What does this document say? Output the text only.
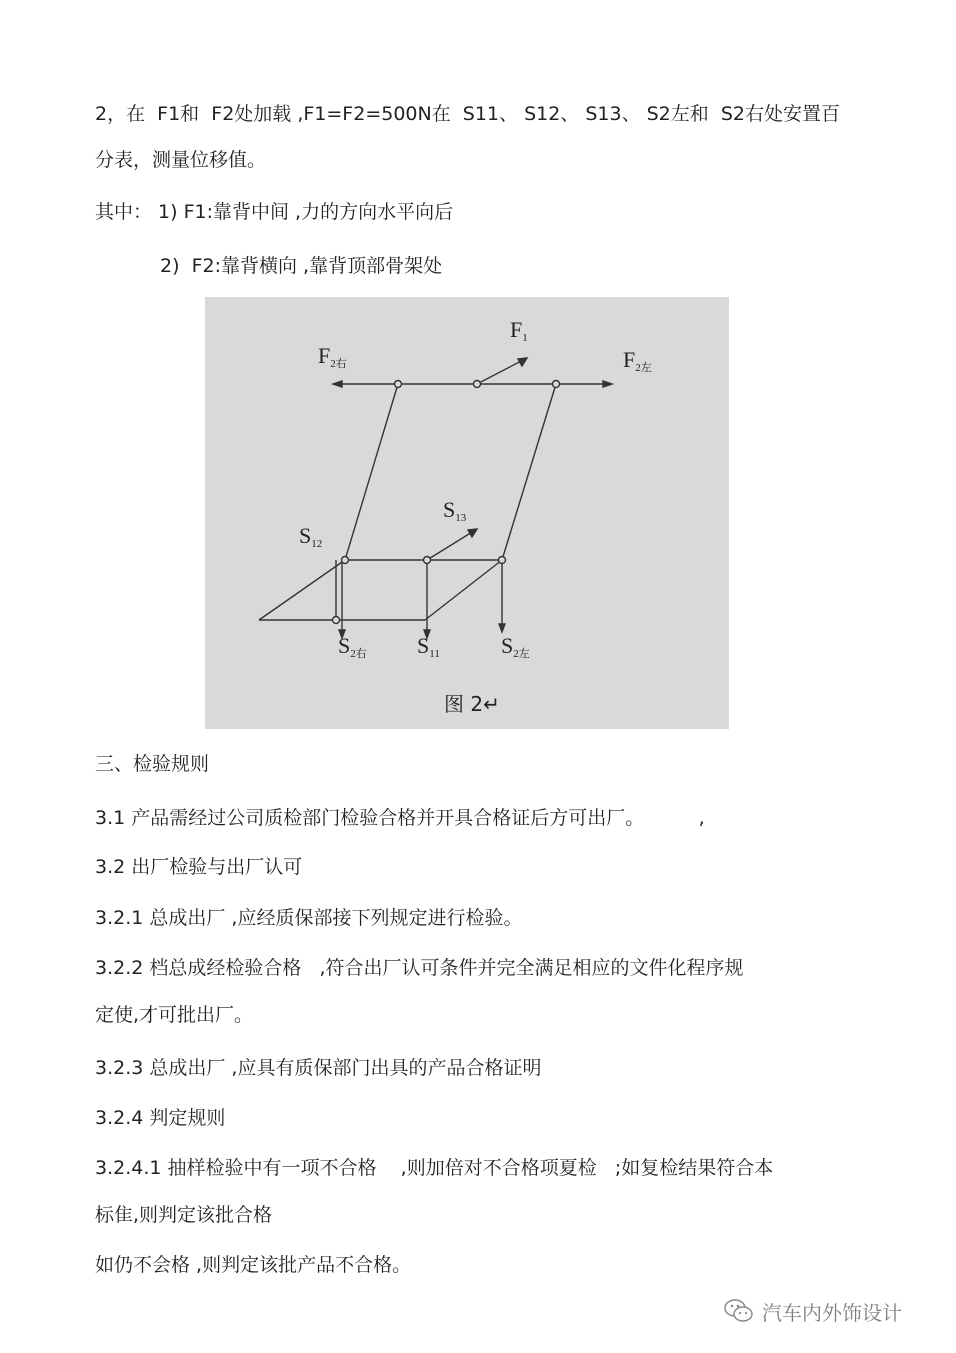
2，在  F1和  F2处加载 ,F1=F2=500N在  S11、 S12、 S13、 S2左和  S2右处安置百
分表，测量位移值。
其中： 1) F1:靠背中间 ,力的方向水平向后
2)  F2:靠背横向 ,靠背顶部骨架处
F2右
F1
F2左
S13
S12
S2右 S11	S2左
图 2↵
三、检验规则
3.1 产品需经过公司质检部门检验合格并开具合格证后方可出厂。         ,
3.2 出厂检验与出厂认可
3.2.1 总成出厂 ,应经质保部接下列规定进行检验。
3.2.2 档总成经检验合格   ,符合出厂认可条件并完全满足相应的文件化程序规
定使,才可批出厂。
3.2.3 总成出厂 ,应具有质保部门出具的产品合格证明
3.2.4 判定规则
3.2.4.1 抽样检验中有一项不合格    ,则加倍对不合格项夏检   ;如复检结果符合本
标隹,则判定该批合格
如仍不会格 ,则判定该批产品不合格。
汽车内外饰设计
